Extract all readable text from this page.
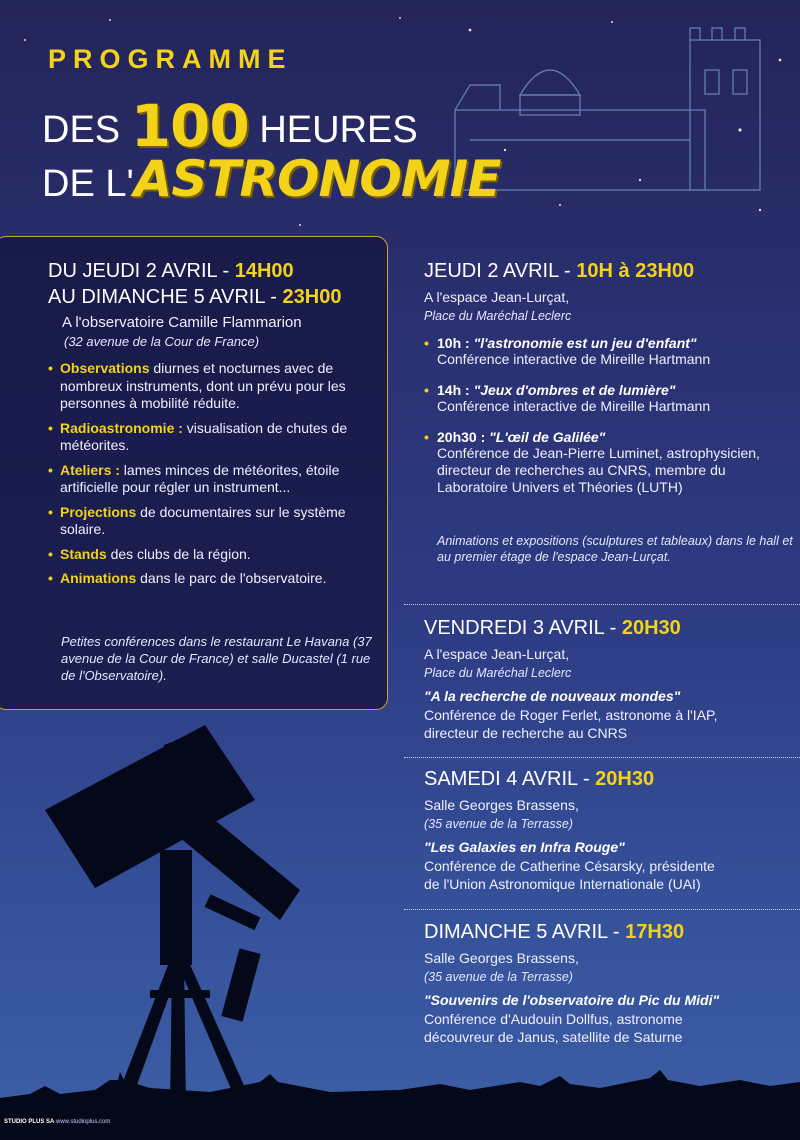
PROGRAMME
DES 100 HEURES
DE L'ASTRONOMIE
DU JEUDI 2 AVRIL - 14H00
AU DIMANCHE 5 AVRIL - 23H00
A l'observatoire Camille Flammarion
(32 avenue de la Cour de France)
• Observations diurnes et nocturnes avec de nombreux instruments, dont un prévu pour les personnes à mobilité réduite.
• Radioastronomie : visualisation de chutes de météorites.
• Ateliers : lames minces de météorites, étoile artificielle pour régler un instrument...
• Projections de documentaires sur le système solaire.
• Stands des clubs de la région.
• Animations dans le parc de l'observatoire.
Petites conférences dans le restaurant Le Havana (37 avenue de la Cour de France) et salle Ducastel (1 rue de l'Observatoire).
JEUDI 2 AVRIL - 10H à 23H00
A l'espace Jean-Lurçat,
Place du Maréchal Leclerc
• 10h : "l'astronomie est un jeu d'enfant"
Conférence interactive de Mireille Hartmann
• 14h : "Jeux d'ombres et de lumière"
Conférence interactive de Mireille Hartmann
• 20h30 : "L'œil de Galilée"
Conférence de Jean-Pierre Luminet, astrophysicien, directeur de recherches au CNRS, membre du Laboratoire Univers et Théories (LUTH)
Animations et expositions (sculptures et tableaux) dans le hall et au premier étage de l'espace Jean-Lurçat.
VENDREDI 3 AVRIL - 20H30
A l'espace Jean-Lurçat,
Place du Maréchal Leclerc
"A la recherche de nouveaux mondes"
Conférence de Roger Ferlet, astronome à l'IAP,
directeur de recherche au CNRS
SAMEDI 4 AVRIL - 20H30
Salle Georges Brassens,
(35 avenue de la Terrasse)
"Les Galaxies en Infra Rouge"
Conférence de Catherine Césarsky, présidente
de l'Union Astronomique Internationale (UAI)
DIMANCHE 5 AVRIL - 17H30
Salle Georges Brassens,
(35 avenue de la Terrasse)
"Souvenirs de l'observatoire du Pic du Midi"
Conférence d'Audouin Dollfus, astronome
découvreur de Janus, satellite de Saturne
STUDIO PLUS SA www.studioplus.com
